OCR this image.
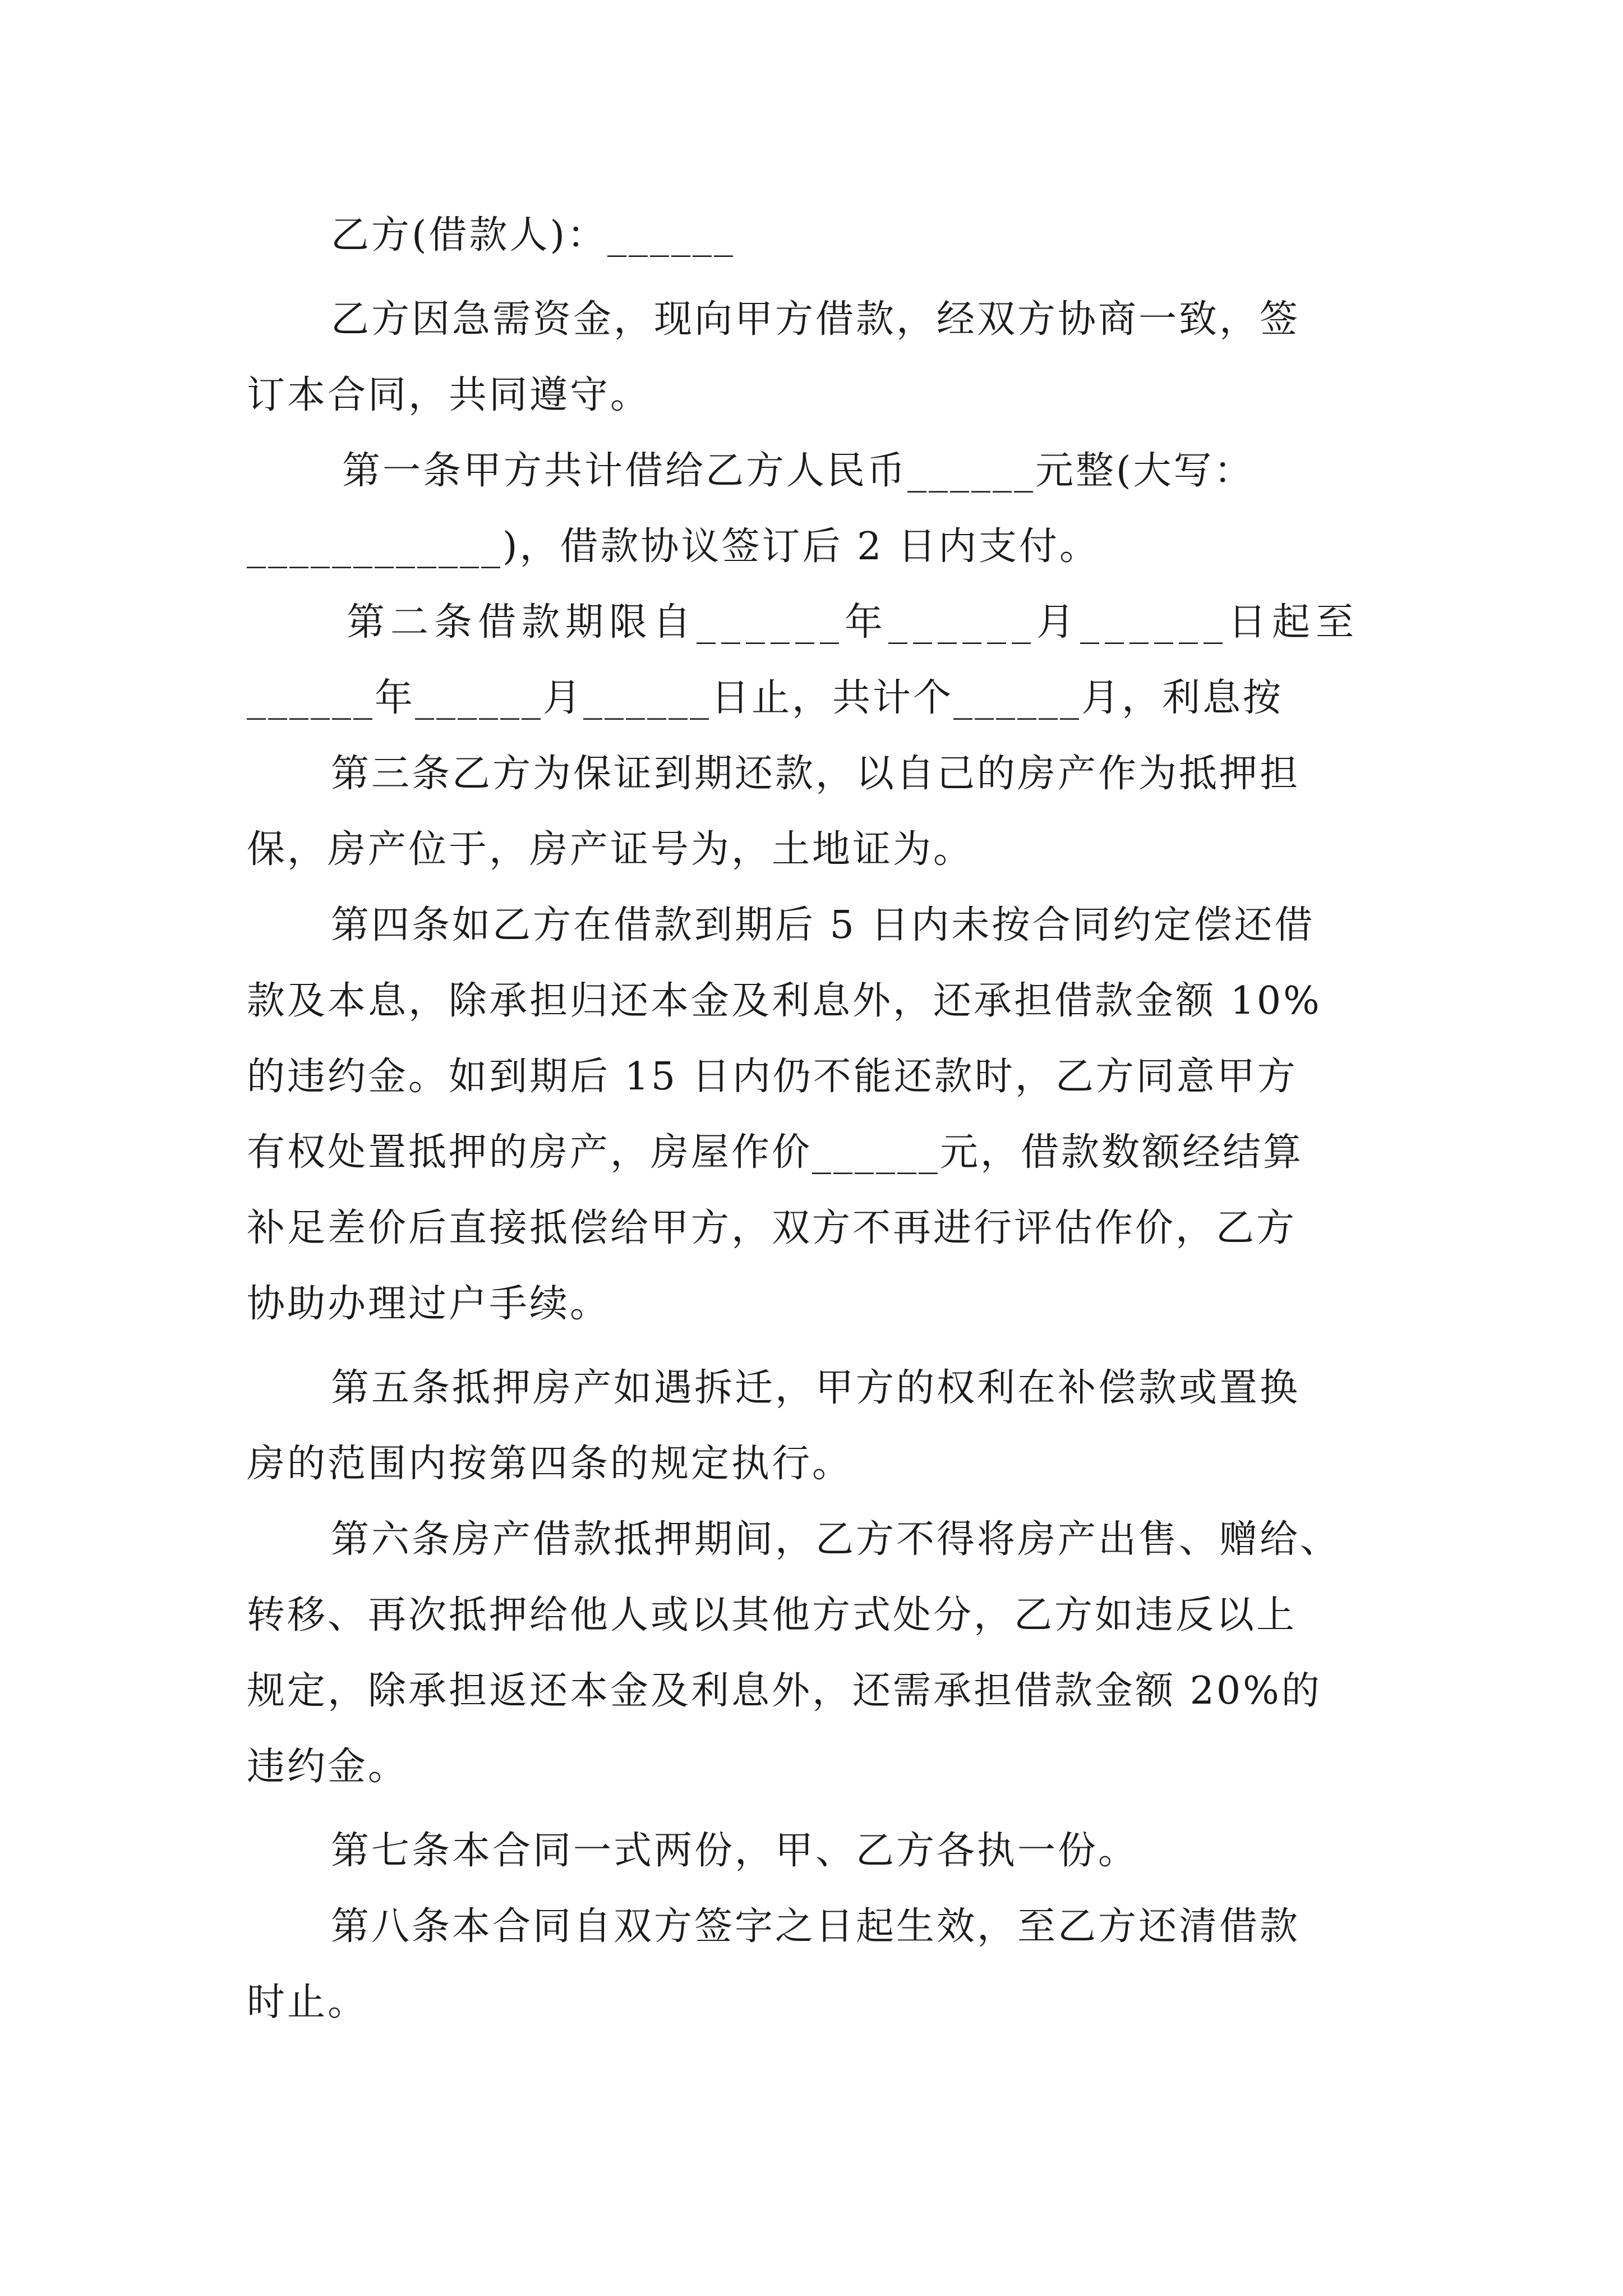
乙方(借款人)：______
乙方因急需资金，现向甲方借款，经双方协商一致，签
订本合同，共同遵守。
第一条甲方共计借给乙方人民币______元整(大写：
____________)，借款协议签订后 2 日内支付。
第二条借款期限自______年______月______日起至
______年______月______日止，共计个______月，利息按
第三条乙方为保证到期还款，以自己的房产作为抵押担
保，房产位于，房产证号为，土地证为。
第四条如乙方在借款到期后 5 日内未按合同约定偿还借
款及本息，除承担归还本金及利息外，还承担借款金额 10%
的违约金。如到期后 15 日内仍不能还款时，乙方同意甲方
有权处置抵押的房产，房屋作价______元，借款数额经结算
补足差价后直接抵偿给甲方，双方不再进行评估作价，乙方
协助办理过户手续。
第五条抵押房产如遇拆迁，甲方的权利在补偿款或置换
房的范围内按第四条的规定执行。
第六条房产借款抵押期间，乙方不得将房产出售、赠给、
转移、再次抵押给他人或以其他方式处分，乙方如违反以上
规定，除承担返还本金及利息外，还需承担借款金额 20%的
违约金。
第七条本合同一式两份，甲、乙方各执一份。
第八条本合同自双方签字之日起生效，至乙方还清借款
时止。
